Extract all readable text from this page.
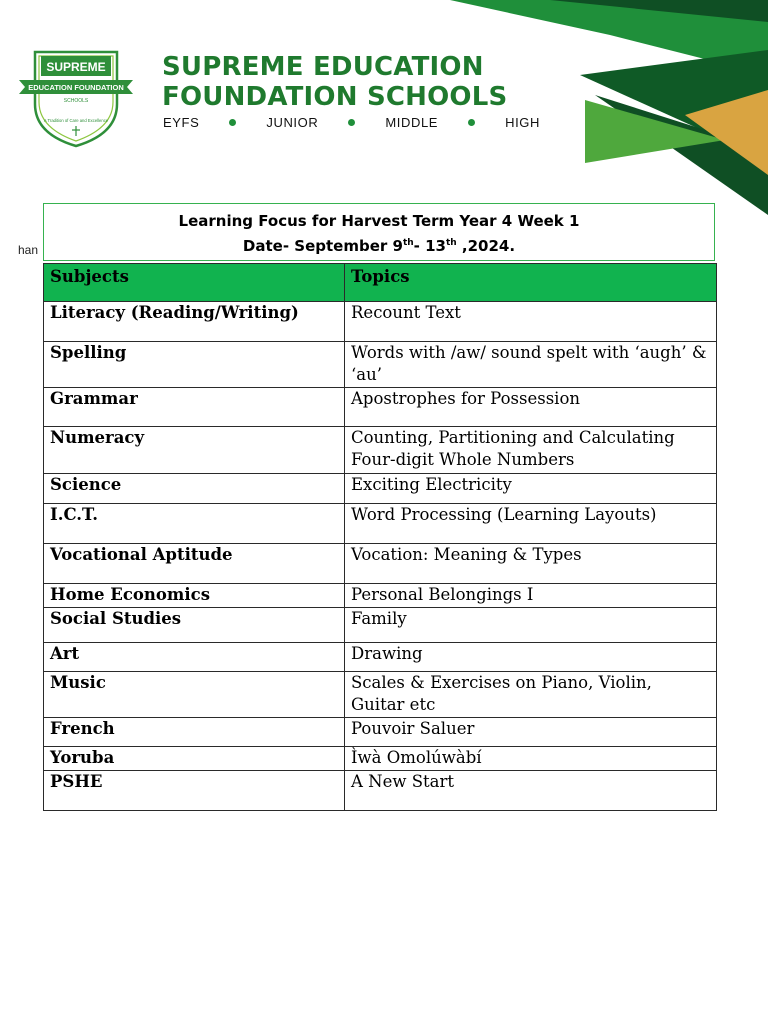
SUPREME
EDUCATION FOUNDATION
SCHOOLS
A Tradition of Care and Excellence
SUPREME EDUCATION
FOUNDATION SCHOOLS
EYFS	JUNIOR	MIDDLE	HIGH
han
Learning Focus for Harvest Term Year 4 Week 1
Date- September 9th- 13th ,2024.
Subjects	Topics
Literacy (Reading/Writing)	Recount Text
Spelling	Words with /aw/ sound spelt with ‘augh’ & ‘au’
Grammar	Apostrophes for Possession
Numeracy	Counting, Partitioning and Calculating Four-digit Whole Numbers
Science	Exciting Electricity
I.C.T.	Word Processing (Learning Layouts)
Vocational Aptitude	Vocation: Meaning & Types
Home Economics	Personal Belongings I
Social Studies	Family
Art	Drawing
Music	Scales & Exercises on Piano, Violin, Guitar etc
French	Pouvoir Saluer
Yoruba	Ìwà Omolúwàbí
PSHE	A New Start
